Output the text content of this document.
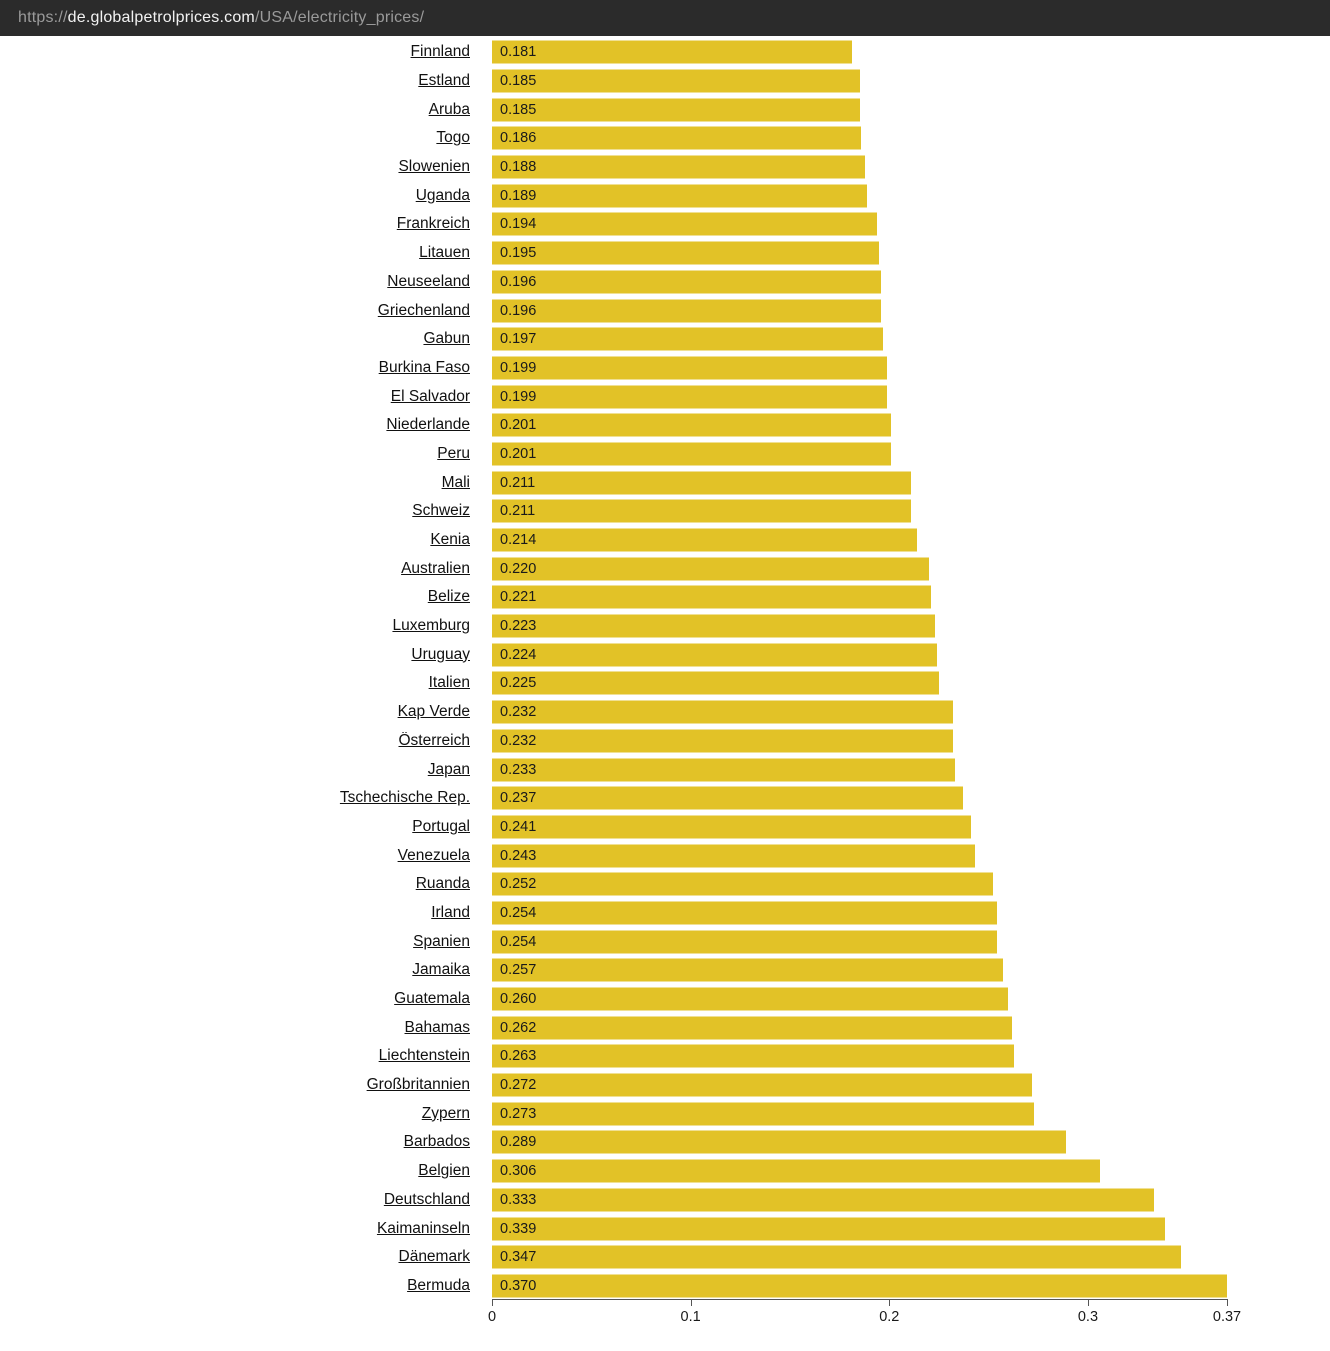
https://de.globalpetrolprices.com/USA/electricity_prices/
Finnland 0.181
Estland 0.185
Aruba 0.185
Togo 0.186
Slowenien 0.188
Uganda 0.189
Frankreich 0.194
Litauen 0.195
Neuseeland 0.196
Griechenland 0.196
Gabun 0.197
Burkina Faso 0.199
El Salvador 0.199
Niederlande 0.201
Peru 0.201
Mali 0.211
Schweiz 0.211
Kenia 0.214
Australien 0.220
Belize 0.221
Luxemburg 0.223
Uruguay 0.224
Italien 0.225
Kap Verde 0.232
Österreich 0.232
Japan 0.233
Tschechische Rep. 0.237
Portugal 0.241
Venezuela 0.243
Ruanda 0.252
Irland 0.254
Spanien 0.254
Jamaika 0.257
Guatemala 0.260
Bahamas 0.262
Liechtenstein 0.263
Großbritannien 0.272
Zypern 0.273
Barbados 0.289
Belgien 0.306
Deutschland 0.333
Kaimaninseln 0.339
Dänemark 0.347
Bermuda 0.370
0	0.1	0.2	0.3	0.37
